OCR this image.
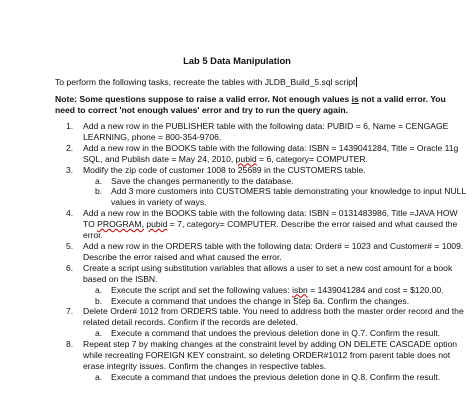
Lab 5 Data Manipulation
To perform the following tasks, recreate the tables with JLDB_Build_5.sql script
Note: Some questions suppose to raise a valid error. Not enough values is not a valid error. You need to correct 'not enough values' error and try to run the query again.
1. Add a new row in the PUBLISHER table with the following data: PUBID = 6, Name = CENGAGE LEARNING, phone = 800-354-9706.
2. Add a new row in the BOOKS table with the following data: ISBN = 1439041284, Title = Oracle 11g SQL, and Publish date = May 24, 2010, pubid = 6, category= COMPUTER.
3. Modify the zip code of customer 1008 to 25689 in the CUSTOMERS table.
a. Save the changes permanently to the database.
b. Add 3 more customers into CUSTOMERS table demonstrating your knowledge to input NULL values in variety of ways.
4. Add a new row in the BOOKS table with the following data: ISBN = 0131483986, Title =JAVA HOW TO PROGRAM, pubid = 7, category= COMPUTER. Describe the error raised and what caused the error.
5. Add a new row in the ORDERS table with the following data: Order# = 1023 and Customer# = 1009. Describe the error raised and what caused the error.
6. Create a script using substitution variables that allows a user to set a new cost amount for a book based on the ISBN.
a. Execute the script and set the following values: isbn = 1439041284 and cost = $120.00.
b. Execute a command that undoes the change in Step 6a. Confirm the changes.
7. Delete Order# 1012 from ORDERS table. You need to address both the master order record and the related detail records. Confirm if the records are deleted.
a. Execute a command that undoes the previous deletion done in Q.7. Confirm the result.
8. Repeat step 7 by making changes at the constraint level by adding ON DELETE CASCADE option while recreating FOREIGN KEY constraint, so deleting ORDER#1012 from parent table does not erase integrity issues. Confirm the changes in respective tables.
a. Execute a command that undoes the previous deletion done in Q.8. Confirm the result.
